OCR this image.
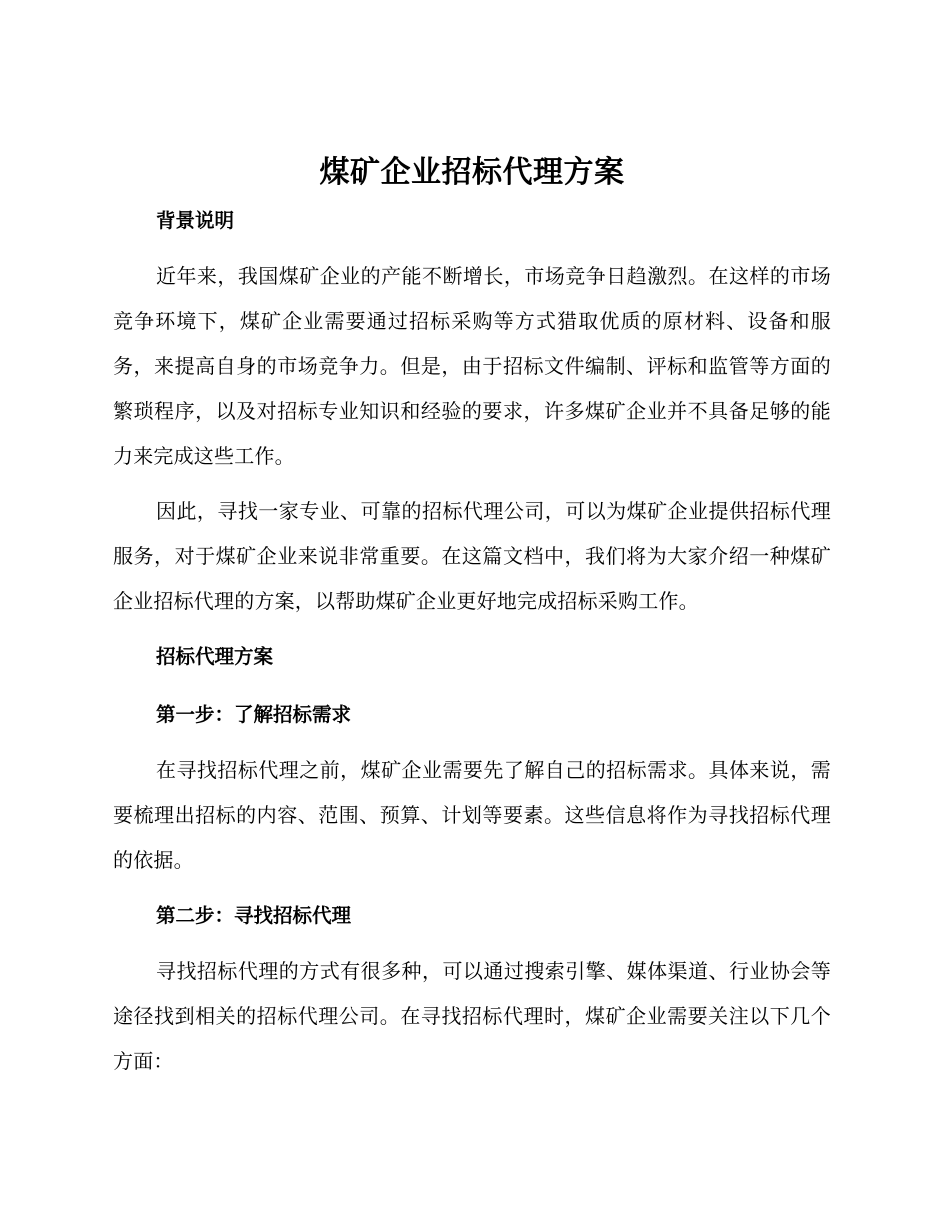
煤矿企业招标代理方案
背景说明

近年来，我国煤矿企业的产能不断增长，市场竞争日趋激烈。在这样的市场竞争环境下，煤矿企业需要通过招标采购等方式猎取优质的原材料、设备和服务，来提高自身的市场竞争力。但是，由于招标文件编制、评标和监管等方面的繁琐程序，以及对招标专业知识和经验的要求，许多煤矿企业并不具备足够的能力来完成这些工作。

因此，寻找一家专业、可靠的招标代理公司，可以为煤矿企业提供招标代理服务，对于煤矿企业来说非常重要。在这篇文档中，我们将为大家介绍一种煤矿企业招标代理的方案，以帮助煤矿企业更好地完成招标采购工作。

招标代理方案
第一步：了解招标需求

在寻找招标代理之前，煤矿企业需要先了解自己的招标需求。具体来说，需要梳理出招标的内容、范围、预算、计划等要素。这些信息将作为寻找招标代理的依据。

第二步：寻找招标代理

寻找招标代理的方式有很多种，可以通过搜索引擎、媒体渠道、行业协会等途径找到相关的招标代理公司。在寻找招标代理时，煤矿企业需要关注以下几个方面：
